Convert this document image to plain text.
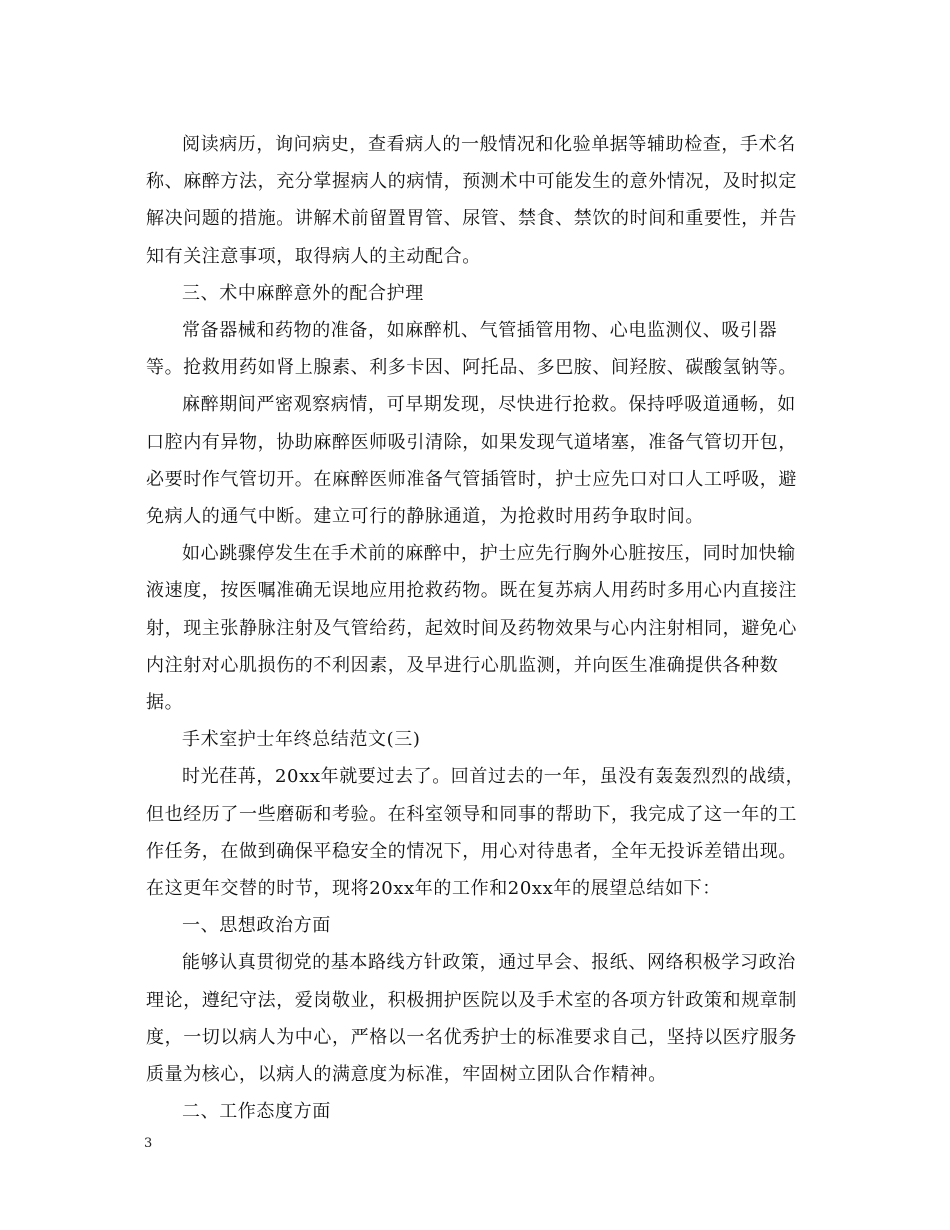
阅读病历，询问病史，查看病人的一般情况和化验单据等辅助检查，手术名称、麻醉方法，充分掌握病人的病情，预测术中可能发生的意外情况，及时拟定解决问题的措施。讲解术前留置胃管、尿管、禁食、禁饮的时间和重要性，并告知有关注意事项，取得病人的主动配合。

三、术中麻醉意外的配合护理

常备器械和药物的准备，如麻醉机、气管插管用物、心电监测仪、吸引器等。抢救用药如肾上腺素、利多卡因、阿托品、多巴胺、间羟胺、碳酸氢钠等。

麻醉期间严密观察病情，可早期发现，尽快进行抢救。保持呼吸道通畅，如口腔内有异物，协助麻醉医师吸引清除，如果发现气道堵塞，准备气管切开包，必要时作气管切开。在麻醉医师准备气管插管时，护士应先口对口人工呼吸，避免病人的通气中断。建立可行的静脉通道，为抢救时用药争取时间。

如心跳骤停发生在手术前的麻醉中，护士应先行胸外心脏按压，同时加快输液速度，按医嘱准确无误地应用抢救药物。既在复苏病人用药时多用心内直接注射，现主张静脉注射及气管给药，起效时间及药物效果与心内注射相同，避免心内注射对心肌损伤的不利因素，及早进行心肌监测，并向医生准确提供各种数据。

手术室护士年终总结范文(三)

时光荏苒，20xx年就要过去了。回首过去的一年，虽没有轰轰烈烈的战绩，但也经历了一些磨砺和考验。在科室领导和同事的帮助下，我完成了这一年的工作任务，在做到确保平稳安全的情况下，用心对待患者，全年无投诉差错出现。在这更年交替的时节，现将20xx年的工作和20xx年的展望总结如下：

一、思想政治方面

能够认真贯彻党的基本路线方针政策，通过早会、报纸、网络积极学习政治理论，遵纪守法，爱岗敬业，积极拥护医院以及手术室的各项方针政策和规章制度，一切以病人为中心，严格以一名优秀护士的标准要求自己，坚持以医疗服务质量为核心，以病人的满意度为标准，牢固树立团队合作精神。

二、工作态度方面

3
